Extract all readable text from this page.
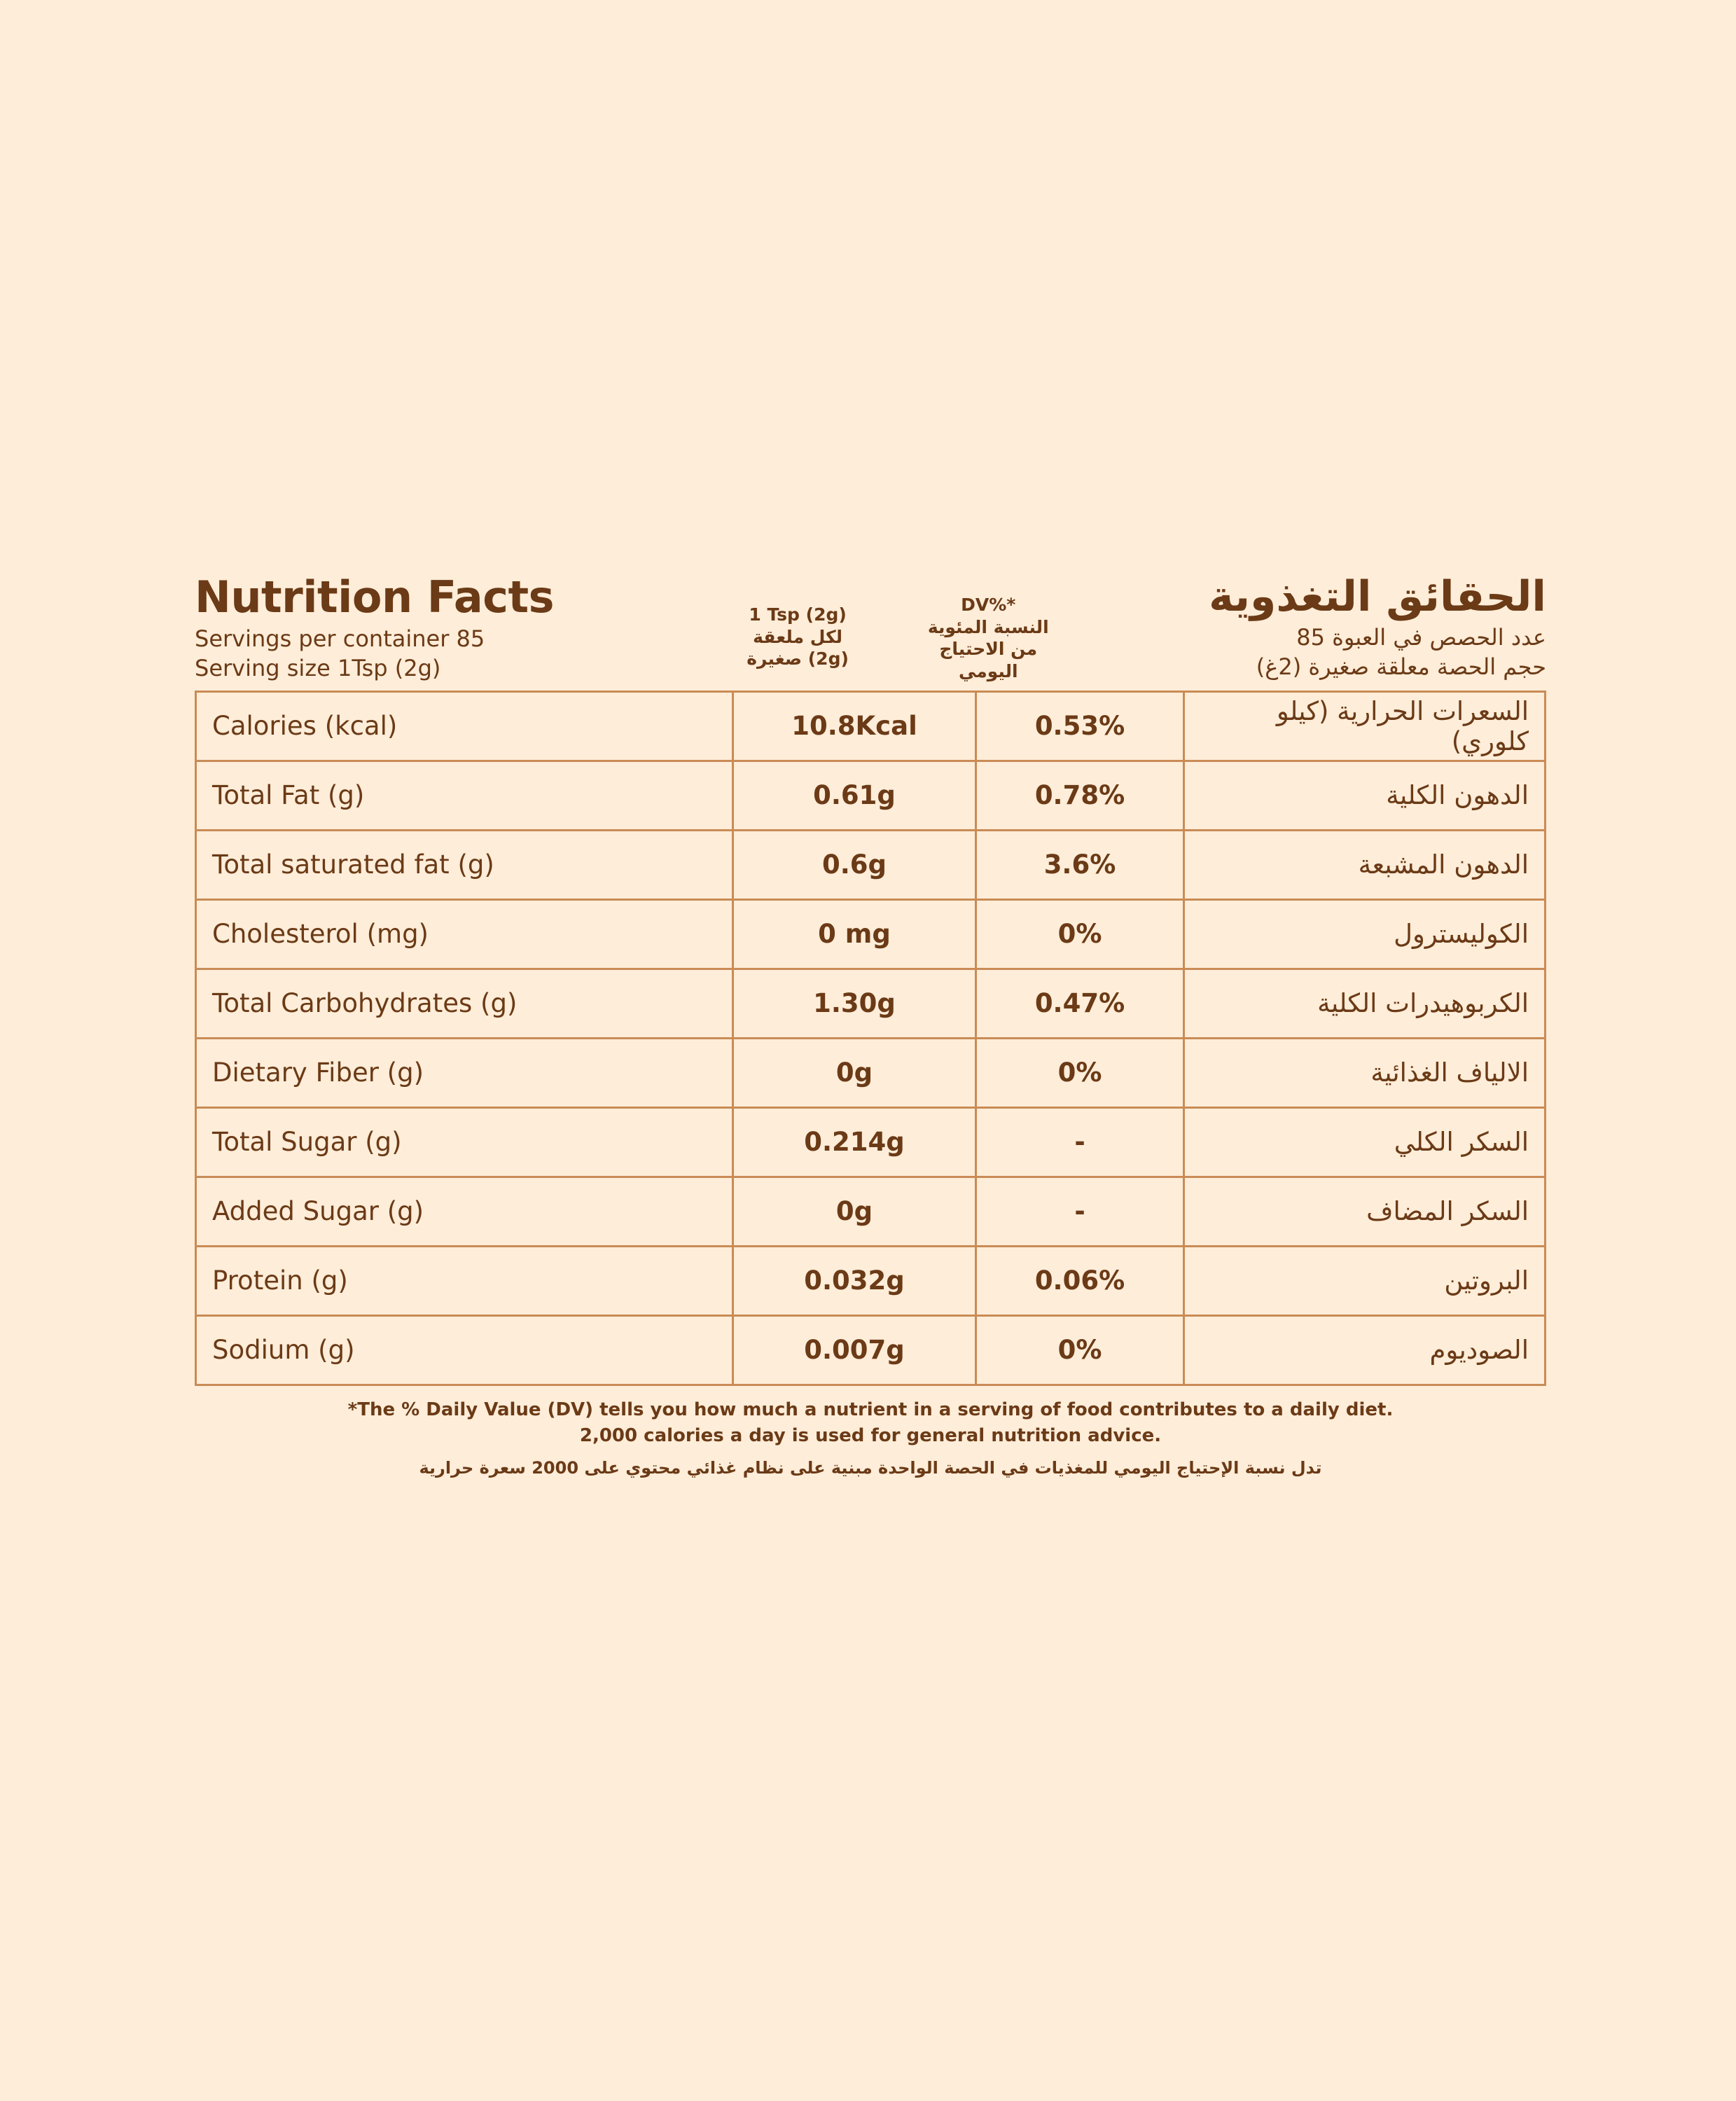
Nutrition Facts
Servings per container 85
Serving size 1Tsp (2g)
1 Tsp (2g)
لكل ملعقة
صغيرة (2g)
DV%*
النسبة المئوية
من الاحتياج
اليومي
الحقائق التغذوية
عدد الحصص في العبوة 85
حجم الحصة معلقة صغيرة (2غ)
Calories (kcal)	10.8Kcal	0.53%	السعرات الحرارية (كيلو كلوري)
Total Fat (g)	0.61g	0.78%	الدهون الكلية
Total saturated fat (g)	0.6g	3.6%	الدهون المشبعة
Cholesterol (mg)	0 mg	0%	الكوليسترول
Total Carbohydrates (g)	1.30g	0.47%	الكربوهيدرات الكلية
Dietary Fiber (g)	0g	0%	الالياف الغذائية
Total Sugar (g)	0.214g	-	السكر الكلي
Added Sugar (g)	0g	-	السكر المضاف
Protein (g)	0.032g	0.06%	البروتين
Sodium (g)	0.007g	0%	الصوديوم
*The % Daily Value (DV) tells you how much a nutrient in a serving of food contributes to a daily diet.
2,000 calories a day is used for general nutrition advice.
تدل نسبة الإحتياج اليومي للمغذيات في الحصة الواحدة مبنية على نظام غذائي محتوي على 2000 سعرة حرارية
